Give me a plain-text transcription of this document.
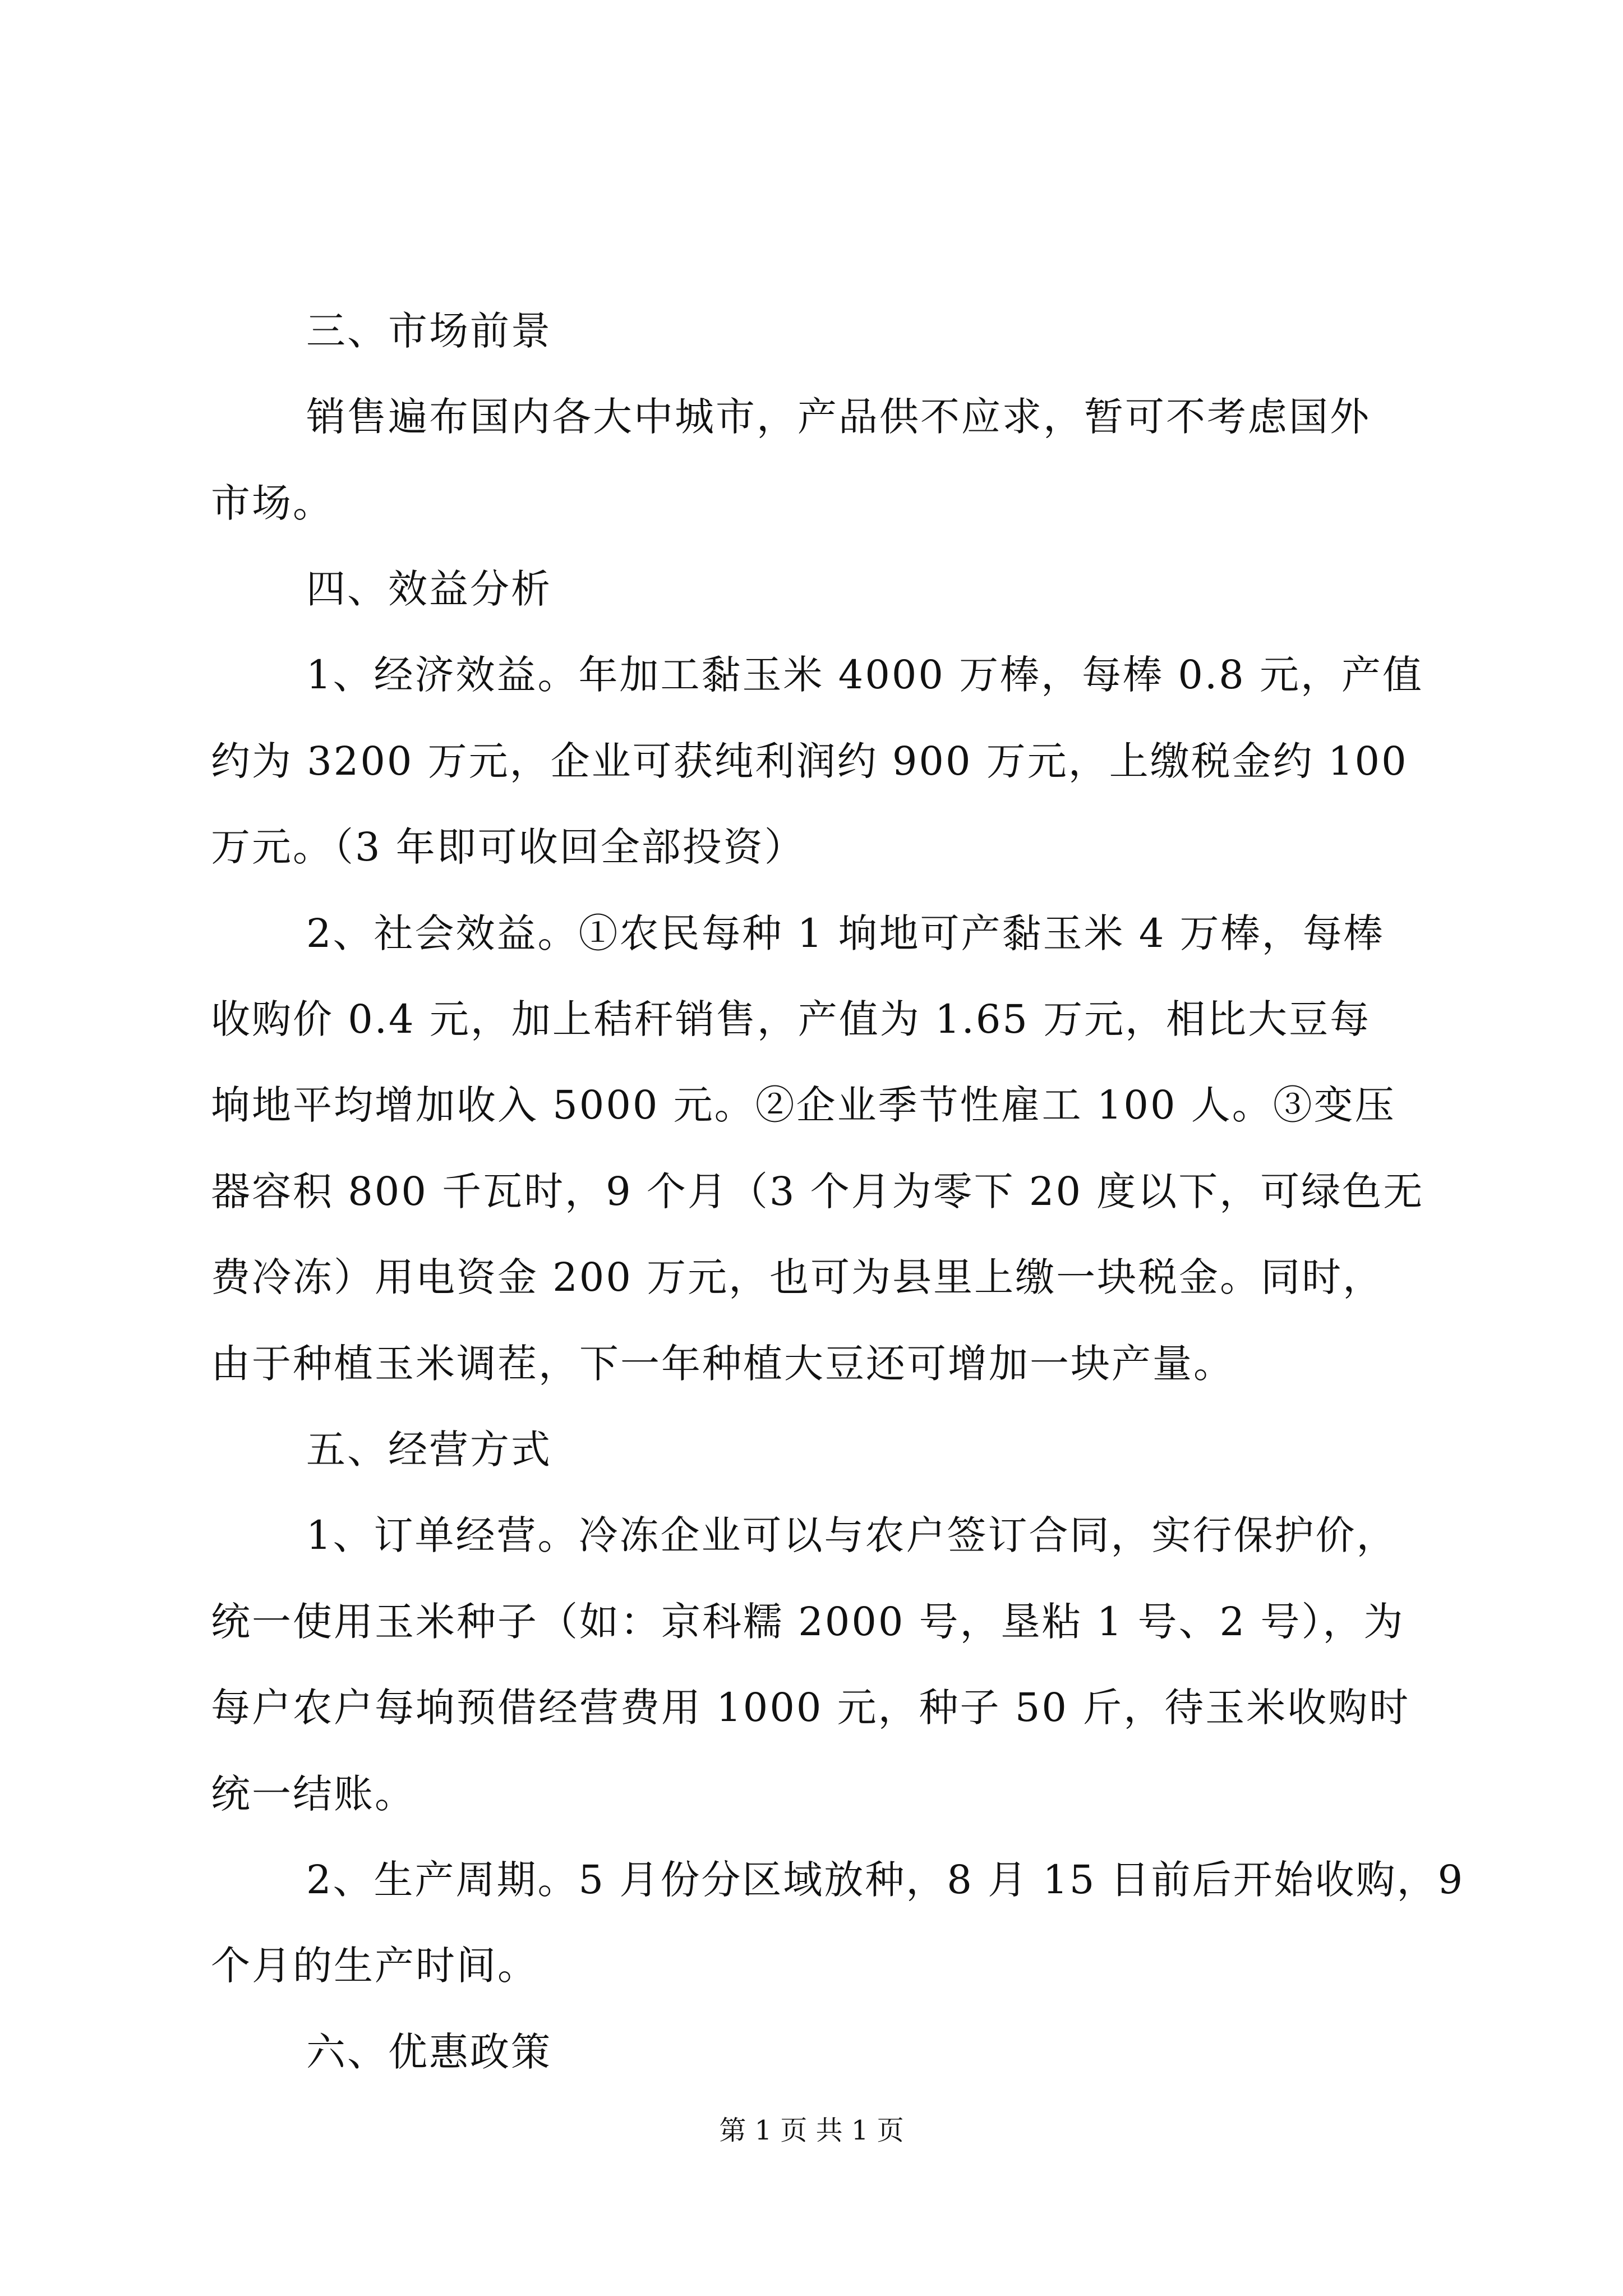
三、市场前景
销售遍布国内各大中城市，产品供不应求，暂可不考虑国外
市场。
四、效益分析
1、经济效益。年加工黏玉米 4000 万棒，每棒 0.8 元，产值
约为 3200 万元，企业可获纯利润约 900 万元，上缴税金约 100
万元。（3 年即可收回全部投资）
2、社会效益。①农民每种 1 垧地可产黏玉米 4 万棒，每棒
收购价 0.4 元，加上秸秆销售，产值为 1.65 万元，相比大豆每
垧地平均增加收入 5000 元。②企业季节性雇工 100 人。③变压
器容积 800 千瓦时，9 个月（3 个月为零下 20 度以下，可绿色无
费冷冻）用电资金 200 万元，也可为县里上缴一块税金。同时，
由于种植玉米调茬，下一年种植大豆还可增加一块产量。
五、经营方式
1、订单经营。冷冻企业可以与农户签订合同，实行保护价，
统一使用玉米种子（如：京科糯 2000 号，垦粘 1 号、2 号），为
每户农户每垧预借经营费用 1000 元，种子 50 斤，待玉米收购时
统一结账。
2、生产周期。5 月份分区域放种，8 月 15 日前后开始收购，9
个月的生产时间。
六、优惠政策
第 1 页 共 1 页
